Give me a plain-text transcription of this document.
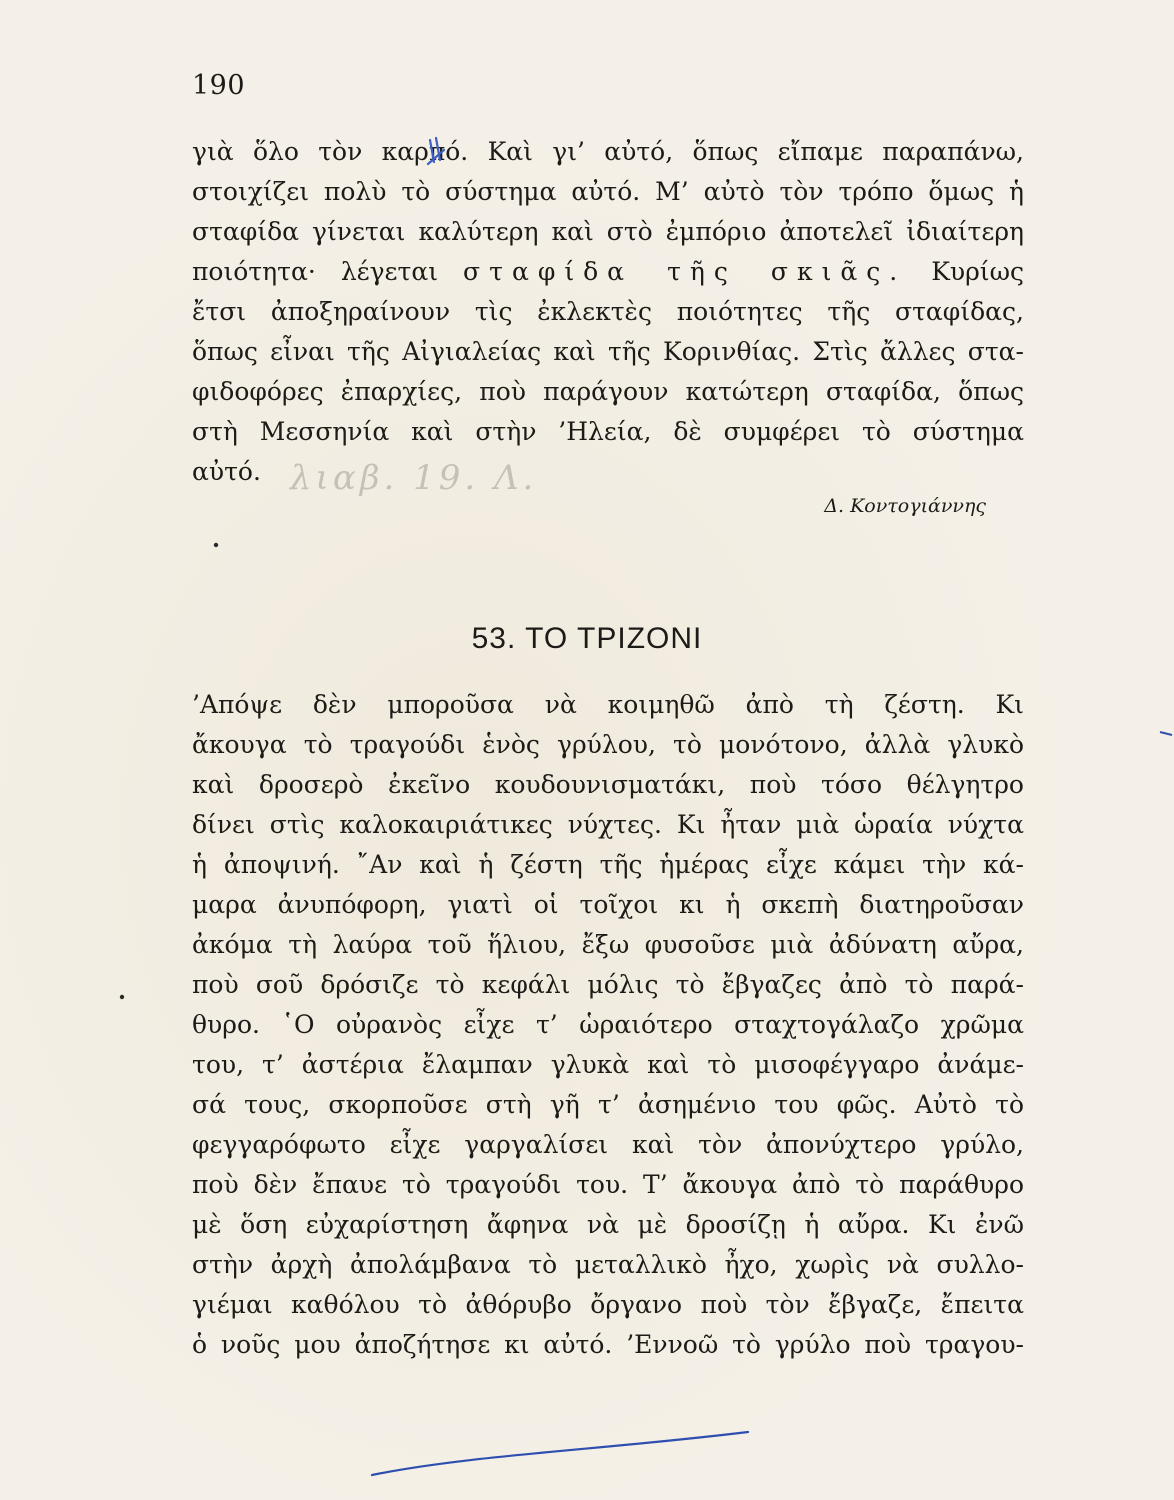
190
γιὰ ὅλο τὸν καρπό. Καὶ γι’ αὐτό, ὅπως εἴπαμε παραπάνω,
στοιχίζει πολὺ τὸ σύστημα αὐτό. Μ’ αὐτὸ τὸν τρόπο ὅμως ἡ
σταφίδα γίνεται καλύτερη καὶ στὸ ἐμπόριο ἀποτελεῖ ἰδιαίτερη
ποιότητα· λέγεται σταφίδα τῆς σκιᾶς. Κυρίως
ἔτσι ἀποξηραίνουν τὶς ἐκλεκτὲς ποιότητες τῆς σταφίδας,
ὅπως εἶναι τῆς Αἰγιαλείας καὶ τῆς Κορινθίας. Στὶς ἄλλες στα-
φιδοφόρες ἐπαρχίες, ποὺ παράγουν κατώτερη σταφίδα, ὅπως
στὴ Μεσσηνία καὶ στὴν ’Ηλεία, δὲ συμφέρει τὸ σύστημα
αὐτό. λιαβ. 19. Λ.
Δ. Κοντογιάννης
53. ΤΟ ΤΡΙΖΟΝΙ
’Απόψε δὲν μποροῦσα νὰ κοιμηθῶ ἀπὸ τὴ ζέστη. Κι
ἄκουγα τὸ τραγούδι ἑνὸς γρύλου, τὸ μονότονο, ἀλλὰ γλυκὸ
καὶ δροσερὸ ἐκεῖνο κουδουνισματάκι, ποὺ τόσο θέλγητρο
δίνει στὶς καλοκαιριάτικες νύχτες. Κι ἦταν μιὰ ὡραία νύχτα
ἡ ἀποψινή. ῎Αν καὶ ἡ ζέστη τῆς ἡμέρας εἶχε κάμει τὴν κά-
μαρα ἀνυπόφορη, γιατὶ οἱ τοῖχοι κι ἡ σκεπὴ διατηροῦσαν
ἀκόμα τὴ λαύρα τοῦ ἥλιου, ἔξω φυσοῦσε μιὰ ἀδύνατη αὔρα,
ποὺ σοῦ δρόσιζε τὸ κεφάλι μόλις τὸ ἔβγαζες ἀπὸ τὸ παρά-
θυρο. ῾Ο οὐρανὸς εἶχε τ’ ὡραιότερο σταχτογάλαζο χρῶμα
του, τ’ ἀστέρια ἔλαμπαν γλυκὰ καὶ τὸ μισοφέγγαρο ἀνάμε-
σά τους, σκορποῦσε στὴ γῆ τ’ ἀσημένιο του φῶς. Αὐτὸ τὸ
φεγγαρόφωτο εἶχε γαργαλίσει καὶ τὸν ἀπονύχτερο γρύλο,
ποὺ δὲν ἔπαυε τὸ τραγούδι του. Τ’ ἄκουγα ἀπὸ τὸ παράθυρο
μὲ ὅση εὐχαρίστηση ἄφηνα νὰ μὲ δροσίζῃ ἡ αὔρα. Κι ἐνῶ
στὴν ἀρχὴ ἀπολάμβανα τὸ μεταλλικὸ ἦχο, χωρὶς νὰ συλλο-
γιέμαι καθόλου τὸ ἀθόρυβο ὄργανο ποὺ τὸν ἔβγαζε, ἔπειτα
ὁ νοῦς μου ἀποζήτησε κι αὐτό. ’Εννοῶ τὸ γρύλο ποὺ τραγου-
